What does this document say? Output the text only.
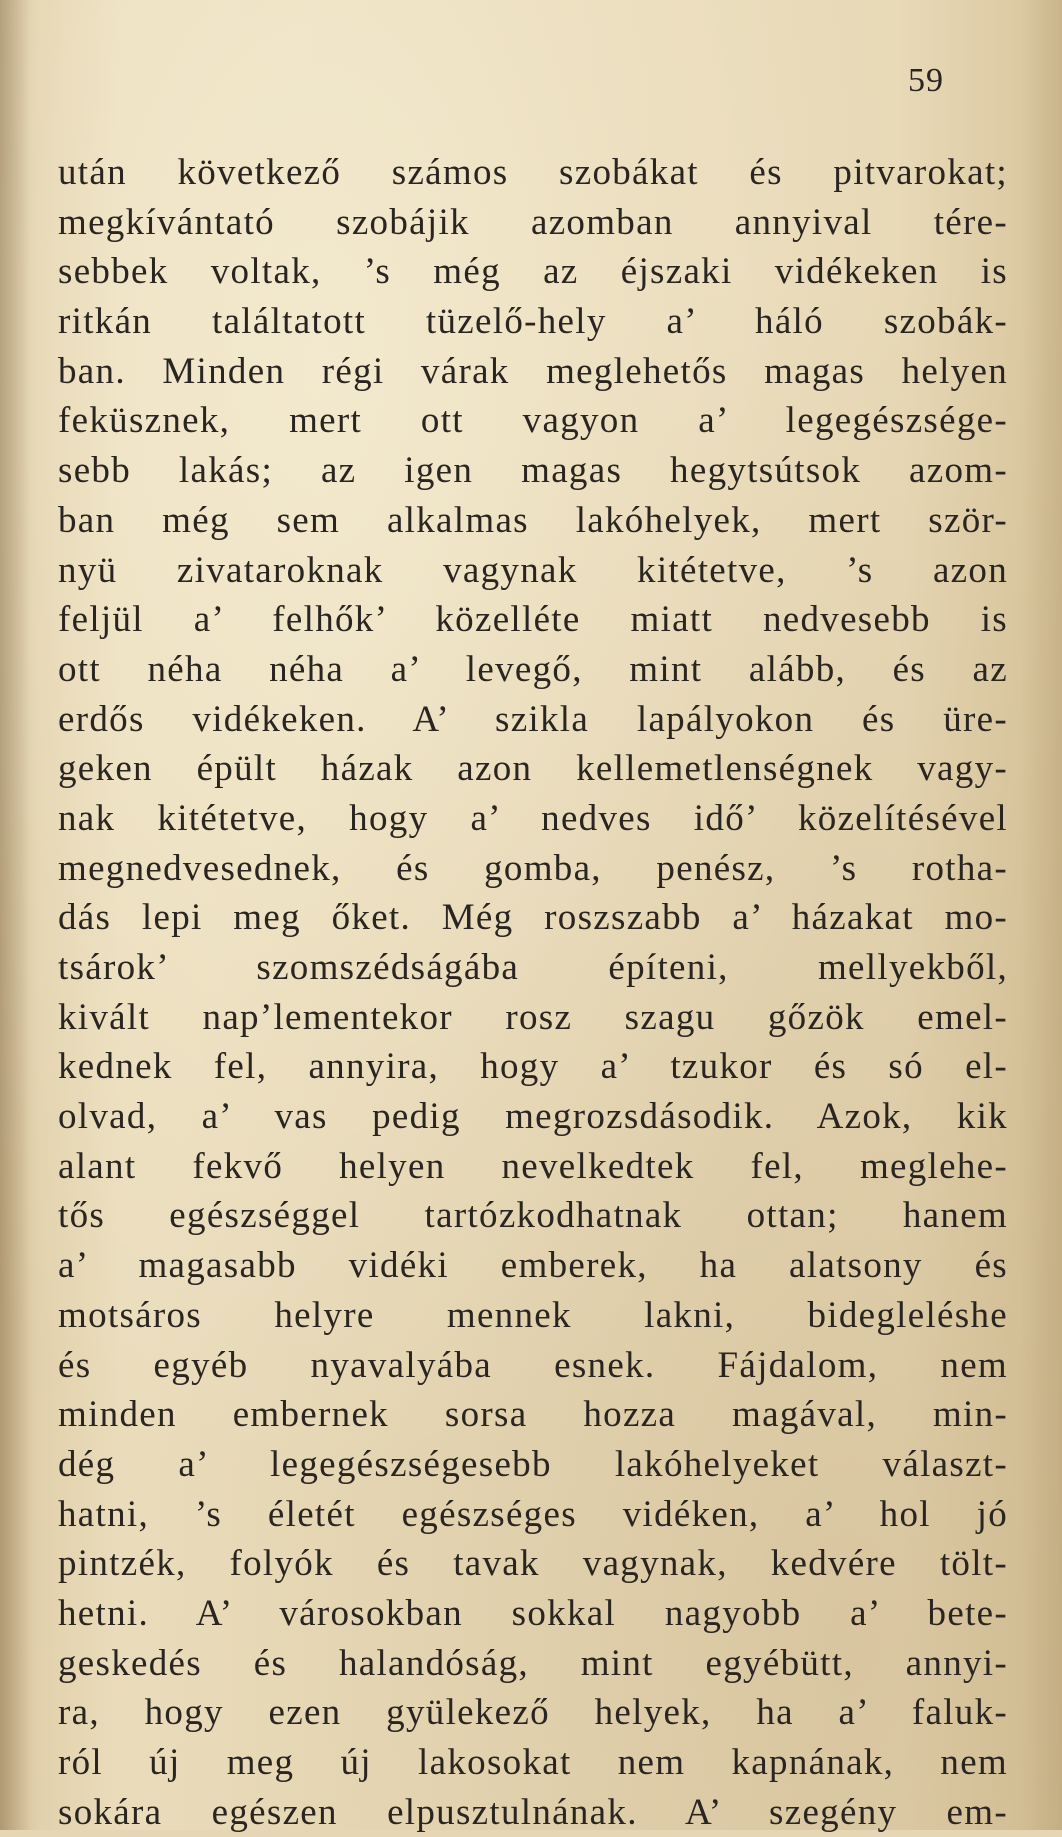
59
után következő számos szobákat és pitvarokat;
megkívántató szobájik azomban annyival tére-
sebbek voltak, ’s még az éjszaki vidékeken is
ritkán találtatott tüzelő-hely a’ háló szobák-
ban. Minden régi várak meglehetős magas helyen
feküsznek, mert ott vagyon a’ legegészsége-
sebb lakás; az igen magas hegytsútsok azom-
ban még sem alkalmas lakóhelyek, mert ször-
nyü zivataroknak vagynak kitétetve, ’s azon
feljül a’ felhők’ közelléte miatt nedvesebb is
ott néha néha a’ levegő, mint alább, és az
erdős vidékeken. A’ szikla lapályokon és üre-
geken épült házak azon kellemetlenségnek vagy-
nak kitétetve, hogy a’ nedves idő’ közelítésével
megnedvesednek, és gomba, penész, ’s rotha-
dás lepi meg őket. Még roszszabb a’ házakat mo-
tsárok’ szomszédságába építeni, mellyekből,
kivált nap’lementekor rosz szagu gőzök emel-
kednek fel, annyira, hogy a’ tzukor és só el-
olvad, a’ vas pedig megrozsdásodik. Azok, kik
alant fekvő helyen nevelkedtek fel, meglehe-
tős egészséggel tartózkodhatnak ottan; hanem
a’ magasabb vidéki emberek, ha alatsony és
motsáros helyre mennek lakni, bidegleléshe
és egyéb nyavalyába esnek. Fájdalom, nem
minden embernek sorsa hozza magával, min-
dég a’ legegészségesebb lakóhelyeket választ-
hatni, ’s életét egészséges vidéken, a’ hol jó
pintzék, folyók és tavak vagynak, kedvére tölt-
hetni. A’ városokban sokkal nagyobb a’ bete-
geskedés és halandóság, mint egyébütt, annyi-
ra, hogy ezen gyülekező helyek, ha a’ faluk-
ról új meg új lakosokat nem kapnának, nem
sokára egészen elpusztulnának. A’ szegény em-
